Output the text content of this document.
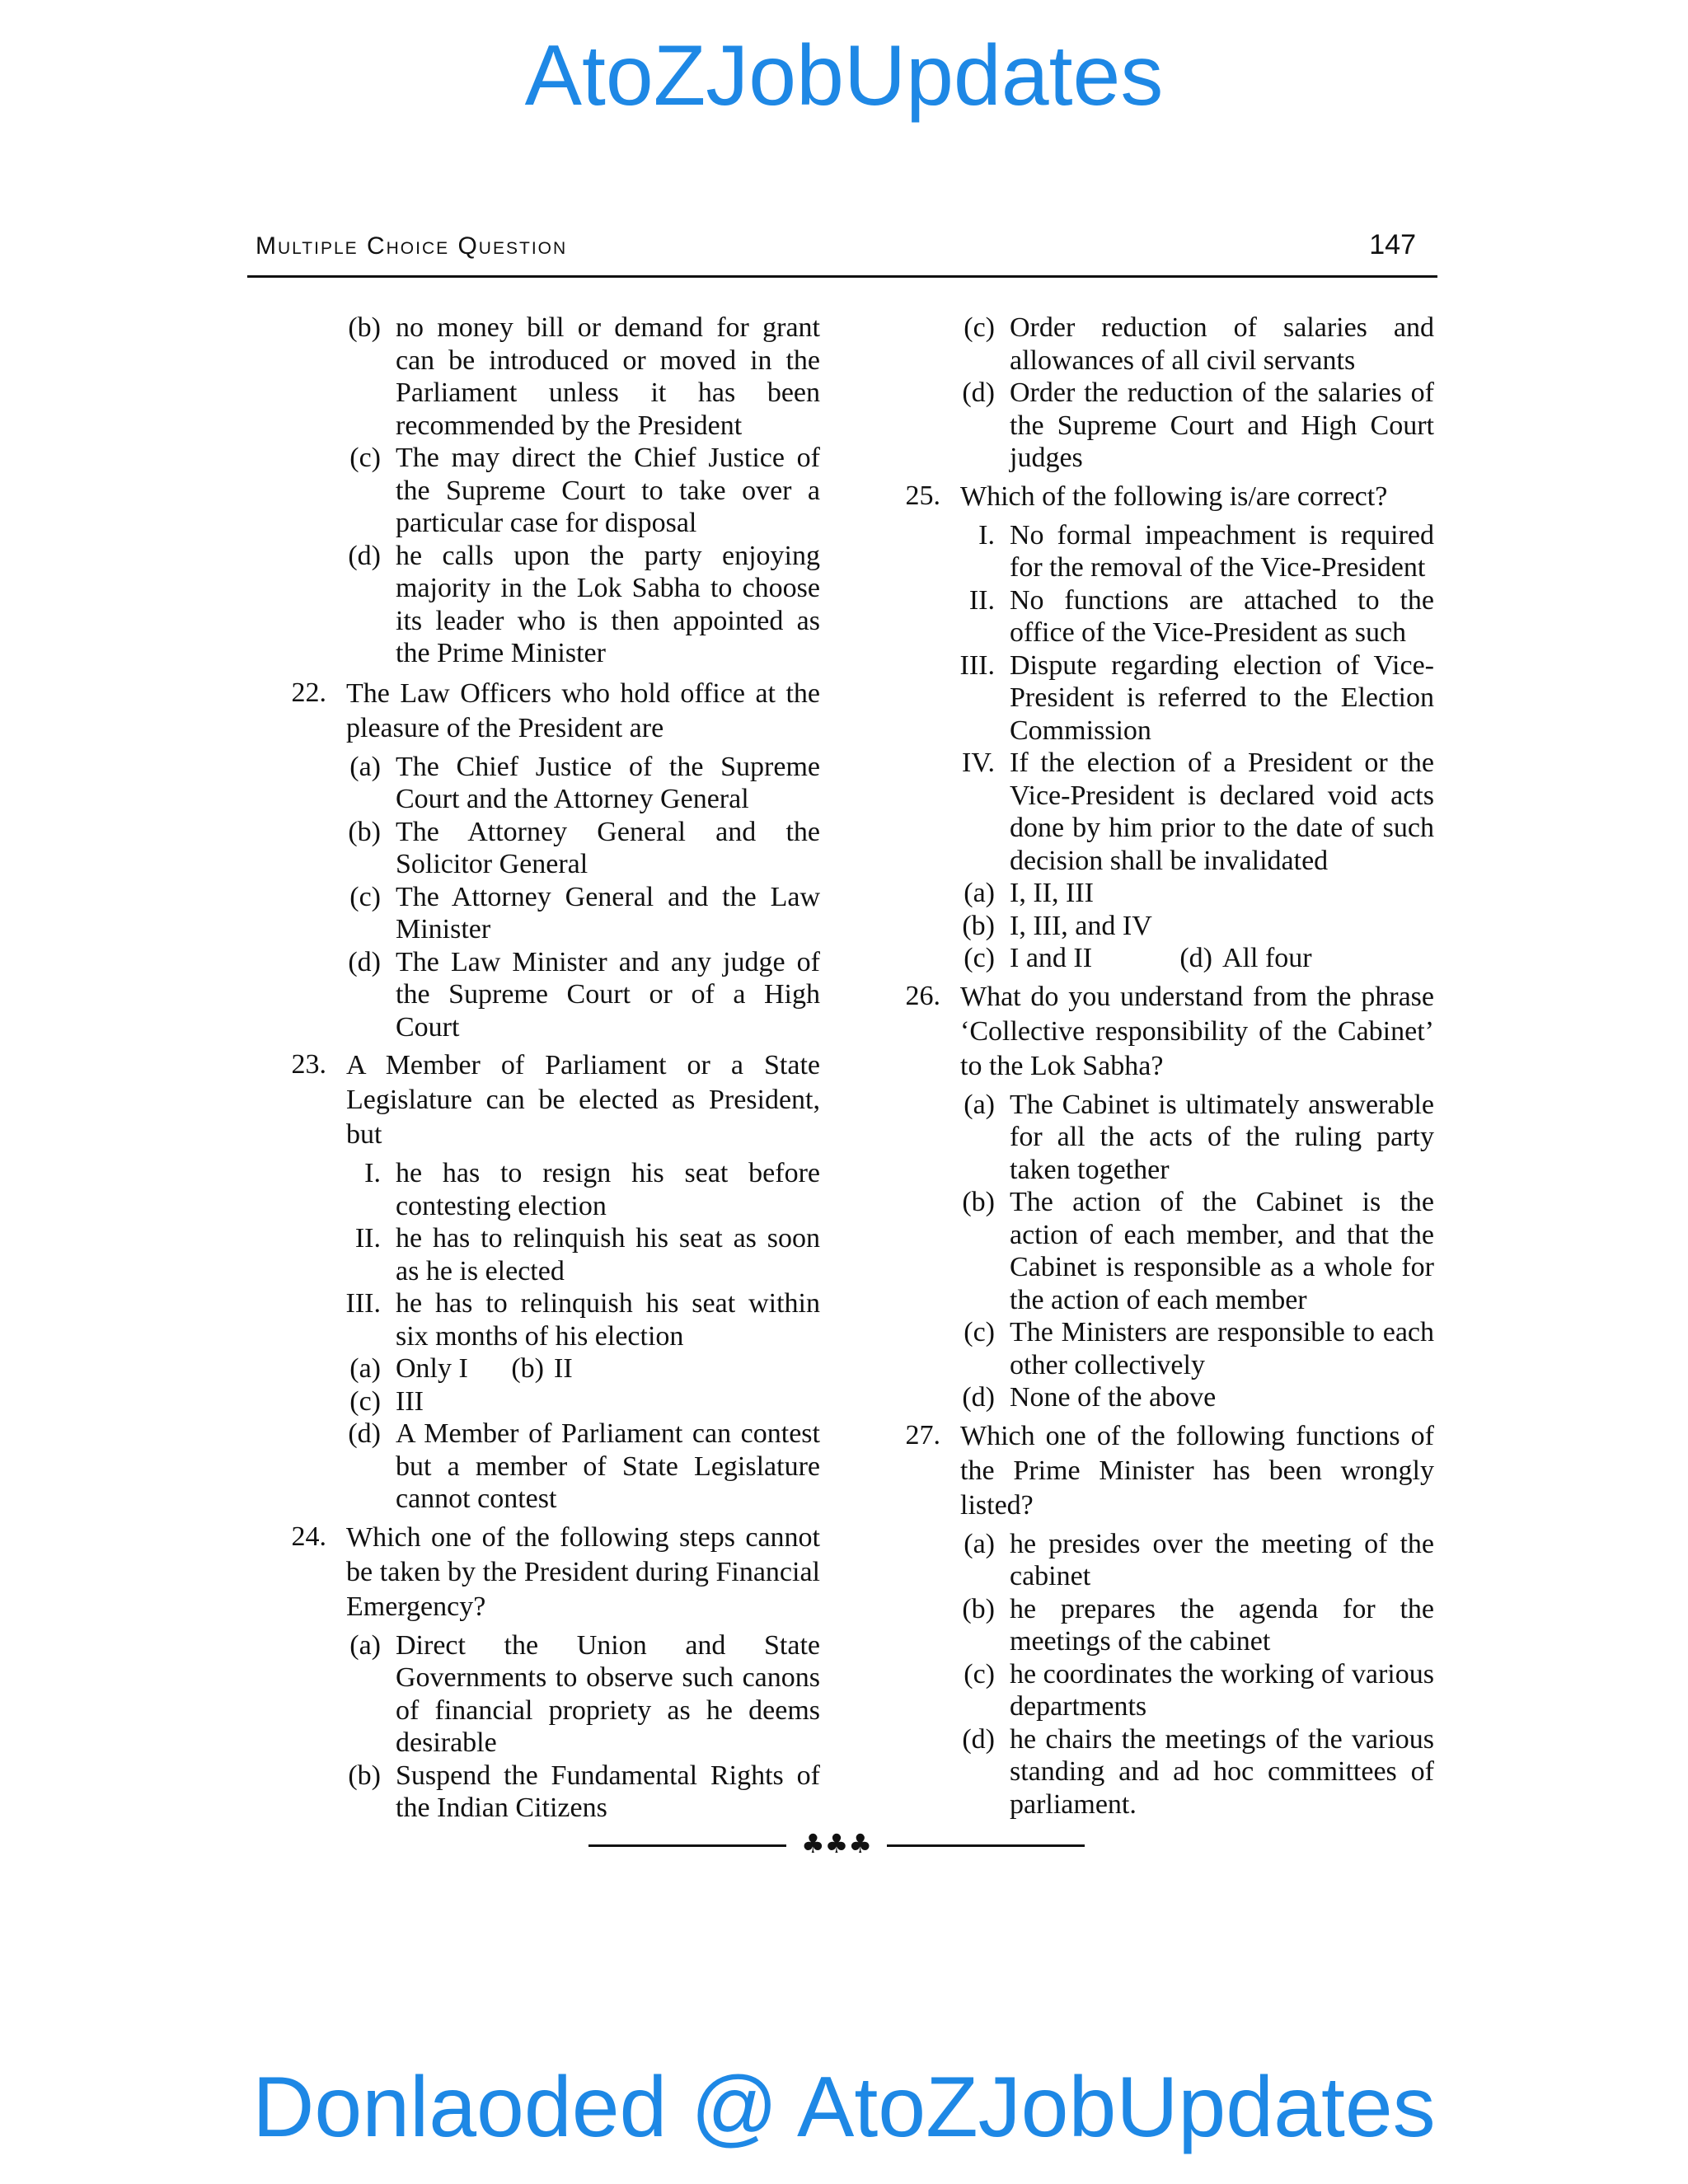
AtoZJobUpdates
Multiple Choice Question	147
(b) no money bill or demand for grant can be introduced or moved in the Parliament unless it has been recommended by the President
(c) The may direct the Chief Justice of the Supreme Court to take over a particular case for disposal
(d) he calls upon the party enjoying majority in the Lok Sabha to choose its leader who is then appointed as the Prime Minister
22. The Law Officers who hold office at the pleasure of the President are

(a) The Chief Justice of the Supreme Court and the Attorney General
(b) The Attorney General and the Solicitor General
(c) The Attorney General and the Law Minister
(d) The Law Minister and any judge of the Supreme Court or of a High Court
23. A Member of Parliament or a State Legislature can be elected as President, but

I. he has to resign his seat before contesting election
II. he has to relinquish his seat as soon as he is elected
III. he has to relinquish his seat within six months of his election
(a) Only I	(b) II
(c) III
(d) A Member of Parliament can contest but a member of State Legislature cannot contest
24. Which one of the following steps cannot be taken by the President during Financial Emergency?

(a) Direct the Union and State Governments to observe such canons of financial propriety as he deems desirable
(b) Suspend the Fundamental Rights of the Indian Citizens
(c) Order reduction of salaries and allowances of all civil servants
(d) Order the reduction of the salaries of the Supreme Court and High Court judges
25. Which of the following is/are correct?

I. No formal impeachment is required for the removal of the Vice-President
II. No functions are attached to the office of the Vice-President as such
III. Dispute regarding election of Vice-President is referred to the Election Commission
IV. If the election of a President or the Vice-President is declared void acts done by him prior to the date of such decision shall be invalidated
(a) I, II, III
(b) I, III, and IV
(c) I and II	(d) All four
26. What do you understand from the phrase ‘Collective responsibility of the Cabinet’ to the Lok Sabha?

(a) The Cabinet is ultimately answerable for all the acts of the ruling party taken together
(b) The action of the Cabinet is the action of each member, and that the Cabinet is responsible as a whole for the action of each member
(c) The Ministers are responsible to each other collectively
(d) None of the above
27. Which one of the following functions of the Prime Minister has been wrongly listed?

(a) he presides over the meeting of the cabinet
(b) he prepares the agenda for the meetings of the cabinet
(c) he coordinates the working of various departments
(d) he chairs the meetings of the various standing and ad hoc committees of parliament.
♣♣♣
Donlaoded @ AtoZJobUpdates
